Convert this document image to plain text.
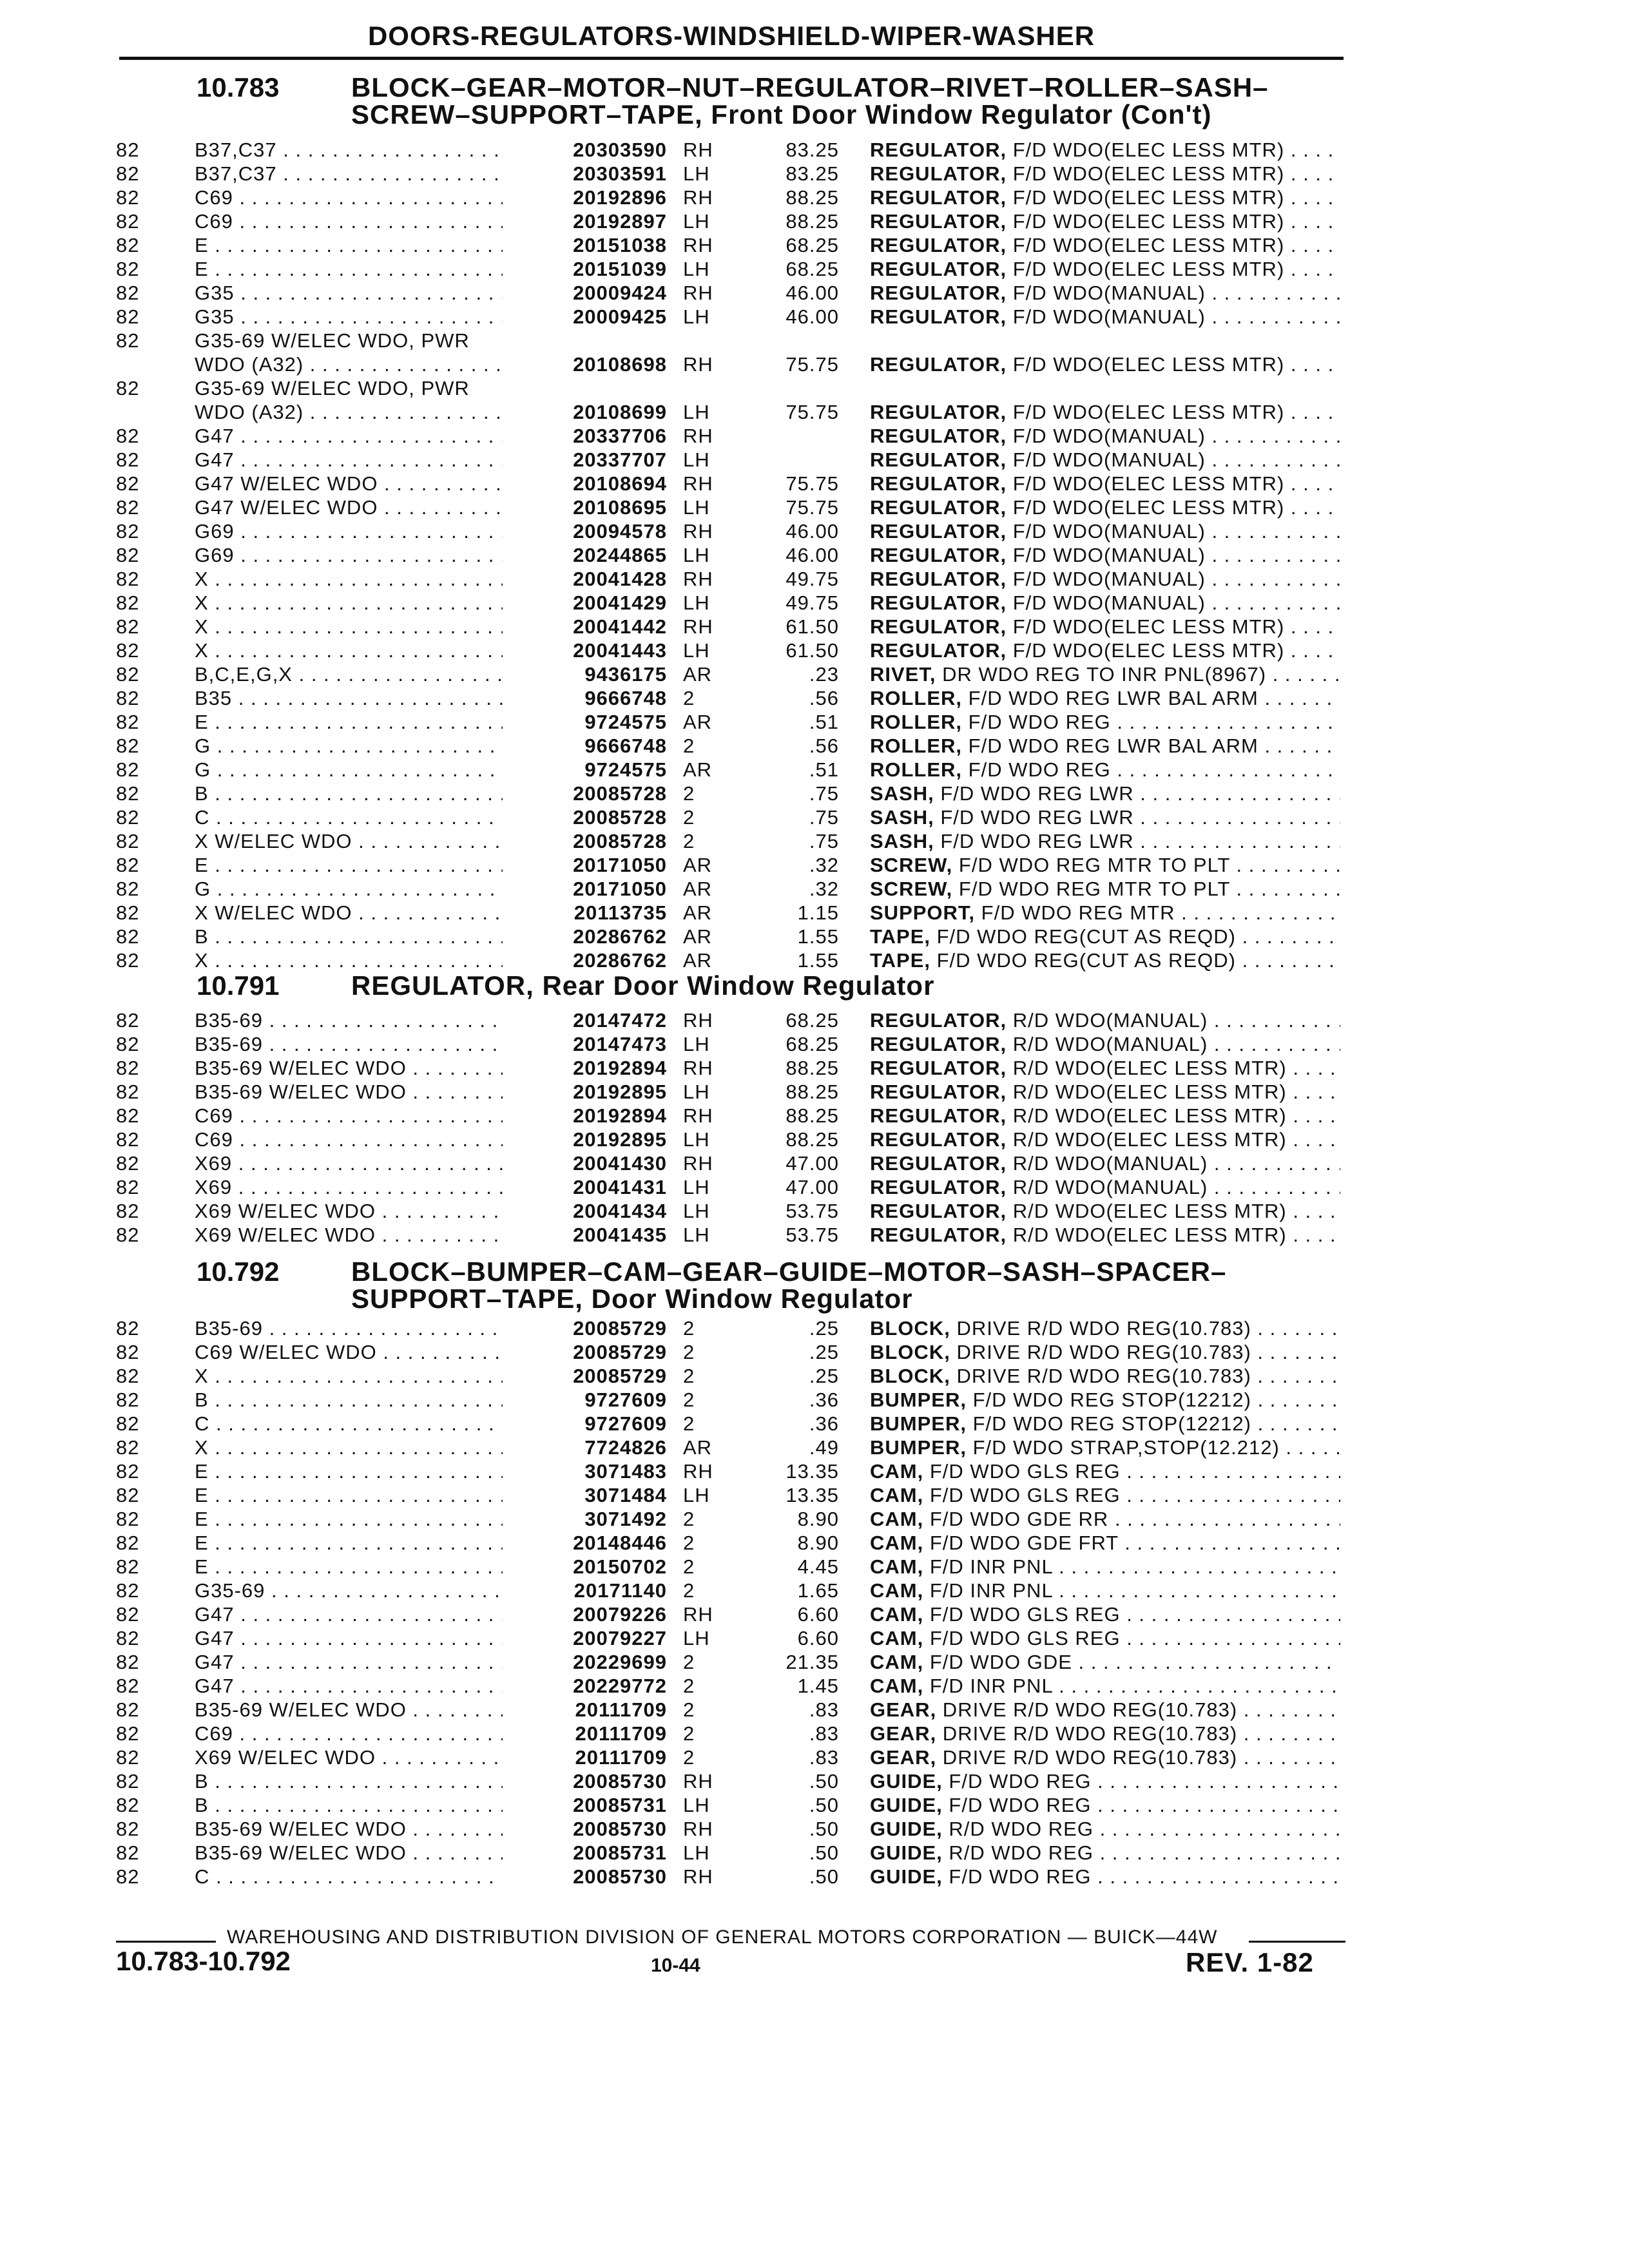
DOORS-REGULATORS-WINDSHIELD-WIPER-WASHER
10.783	BLOCK–GEAR–MOTOR–NUT–REGULATOR–RIVET–ROLLER–SASH–
SCREW–SUPPORT–TAPE, Front Door Window Regulator (Con't)
82	B37,C37 . . .	20303590 RH	83.25 REGULATOR, F/D WDO(ELEC LESS MTR) . . .
82	B37,C37 . . .	20303591 LH	83.25 REGULATOR, F/D WDO(ELEC LESS MTR) . . .
82	C69 . . .	20192896 RH	88.25 REGULATOR, F/D WDO(ELEC LESS MTR) . . .
82	C69 . . .	20192897 LH	88.25 REGULATOR, F/D WDO(ELEC LESS MTR) . . .
82	E . . .	20151038 RH	68.25 REGULATOR, F/D WDO(ELEC LESS MTR) . . .
82	E . . .	20151039 LH	68.25 REGULATOR, F/D WDO(ELEC LESS MTR) . . .
82	G35 . . .	20009424 RH	46.00 REGULATOR, F/D WDO(MANUAL) . . .
82	G35 . . .	20009425 LH	46.00 REGULATOR, F/D WDO(MANUAL) . . .
82	G35-69 W/ELEC WDO, PWR
WDO (A32) . . .	20108698 RH	75.75 REGULATOR, F/D WDO(ELEC LESS MTR) . . .
82	G35-69 W/ELEC WDO, PWR
WDO (A32) . . .	20108699 LH	75.75 REGULATOR, F/D WDO(ELEC LESS MTR) . . .
82	G47 . . .	20337706 RH	REGULATOR, F/D WDO(MANUAL) . . .
82	G47 . . .	20337707 LH	REGULATOR, F/D WDO(MANUAL) . . .
82	G47 W/ELEC WDO . . .	20108694 RH	75.75 REGULATOR, F/D WDO(ELEC LESS MTR) . . .
82	G47 W/ELEC WDO . . .	20108695 LH	75.75 REGULATOR, F/D WDO(ELEC LESS MTR) . . .
82	G69 . . .	20094578 RH	46.00 REGULATOR, F/D WDO(MANUAL) . . .
82	G69 . . .	20244865 LH	46.00 REGULATOR, F/D WDO(MANUAL) . . .
82	X . . .	20041428 RH	49.75 REGULATOR, F/D WDO(MANUAL) . . .
82	X . . .	20041429 LH	49.75 REGULATOR, F/D WDO(MANUAL) . . .
82	X . . .	20041442 RH	61.50 REGULATOR, F/D WDO(ELEC LESS MTR) . . .
82	X . . .	20041443 LH	61.50 REGULATOR, F/D WDO(ELEC LESS MTR) . . .
82	B,C,E,G,X . . .	9436175 AR	.23 RIVET, DR WDO REG TO INR PNL(8967) . . .
82	B35 . . .	9666748 2	.56 ROLLER, F/D WDO REG LWR BAL ARM . . .
82	E . . .	9724575 AR	.51 ROLLER, F/D WDO REG . . .
82	G . . .	9666748 2	.56 ROLLER, F/D WDO REG LWR BAL ARM . . .
82	G . . .	9724575 AR	.51 ROLLER, F/D WDO REG . . .
82	B . . .	20085728 2	.75 SASH, F/D WDO REG LWR . . .
82	C . . .	20085728 2	.75 SASH, F/D WDO REG LWR . . .
82	X W/ELEC WDO . . .	20085728 2	.75 SASH, F/D WDO REG LWR . . .
82	E . . .	20171050 AR	.32 SCREW, F/D WDO REG MTR TO PLT . . .
82	G . . .	20171050 AR	.32 SCREW, F/D WDO REG MTR TO PLT . . .
82	X W/ELEC WDO . . .	20113735 AR	1.15 SUPPORT, F/D WDO REG MTR . . .
82	B . . .	20286762 AR	1.55 TAPE, F/D WDO REG(CUT AS REQD) . . .
82	X . . .	20286762 AR	1.55 TAPE, F/D WDO REG(CUT AS REQD) . . .
10.791	REGULATOR, Rear Door Window Regulator
82	B35-69 . . .	20147472 RH	68.25 REGULATOR, R/D WDO(MANUAL) . . .
82	B35-69 . . .	20147473 LH	68.25 REGULATOR, R/D WDO(MANUAL) . . .
82	B35-69 W/ELEC WDO . . .	20192894 RH	88.25 REGULATOR, R/D WDO(ELEC LESS MTR) . . .
82	B35-69 W/ELEC WDO . . .	20192895 LH	88.25 REGULATOR, R/D WDO(ELEC LESS MTR) . . .
82	C69 . . .	20192894 RH	88.25 REGULATOR, R/D WDO(ELEC LESS MTR) . . .
82	C69 . . .	20192895 LH	88.25 REGULATOR, R/D WDO(ELEC LESS MTR) . . .
82	X69 . . .	20041430 RH	47.00 REGULATOR, R/D WDO(MANUAL) . . .
82	X69 . . .	20041431 LH	47.00 REGULATOR, R/D WDO(MANUAL) . . .
82	X69 W/ELEC WDO . . .	20041434 LH	53.75 REGULATOR, R/D WDO(ELEC LESS MTR) . . .
82	X69 W/ELEC WDO . . .	20041435 LH	53.75 REGULATOR, R/D WDO(ELEC LESS MTR) . . .
10.792	BLOCK–BUMPER–CAM–GEAR–GUIDE–MOTOR–SASH–SPACER–
SUPPORT–TAPE, Door Window Regulator
82	B35-69 . . .	20085729 2	.25 BLOCK, DRIVE R/D WDO REG(10.783) . . .
82	C69 W/ELEC WDO . . .	20085729 2	.25 BLOCK, DRIVE R/D WDO REG(10.783) . . .
82	X . . .	20085729 2	.25 BLOCK, DRIVE R/D WDO REG(10.783) . . .
82	B . . .	9727609 2	.36 BUMPER, F/D WDO REG STOP(12212) . . .
82	C . . .	9727609 2	.36 BUMPER, F/D WDO REG STOP(12212) . . .
82	X . . .	7724826 AR	.49 BUMPER, F/D WDO STRAP,STOP(12.212) . . .
82	E . . .	3071483 RH	13.35 CAM, F/D WDO GLS REG . . .
82	E . . .	3071484 LH	13.35 CAM, F/D WDO GLS REG . . .
82	E . . .	3071492 2	8.90 CAM, F/D WDO GDE RR . . .
82	E . . .	20148446 2	8.90 CAM, F/D WDO GDE FRT . . .
82	E . . .	20150702 2	4.45 CAM, F/D INR PNL . . .
82	G35-69 . . .	20171140 2	1.65 CAM, F/D INR PNL . . .
82	G47 . . .	20079226 RH	6.60 CAM, F/D WDO GLS REG . . .
82	G47 . . .	20079227 LH	6.60 CAM, F/D WDO GLS REG . . .
82	G47 . . .	20229699 2	21.35 CAM, F/D WDO GDE . . .
82	G47 . . .	20229772 2	1.45 CAM, F/D INR PNL . . .
82	B35-69 W/ELEC WDO . . .	20111709 2	.83 GEAR, DRIVE R/D WDO REG(10.783) . . .
82	C69 . . .	20111709 2	.83 GEAR, DRIVE R/D WDO REG(10.783) . . .
82	X69 W/ELEC WDO . . .	20111709 2	.83 GEAR, DRIVE R/D WDO REG(10.783) . . .
82	B . . .	20085730 RH	.50 GUIDE, F/D WDO REG . . .
82	B . . .	20085731 LH	.50 GUIDE, F/D WDO REG . . .
82	B35-69 W/ELEC WDO . . .	20085730 RH	.50 GUIDE, R/D WDO REG . . .
82	B35-69 W/ELEC WDO . . .	20085731 LH	.50 GUIDE, R/D WDO REG . . .
82	C . . .	20085730 RH	.50 GUIDE, F/D WDO REG . . .
WAREHOUSING AND DISTRIBUTION DIVISION OF GENERAL MOTORS CORPORATION — BUICK—44W
10.783-10.792	10-44	REV. 1-82
